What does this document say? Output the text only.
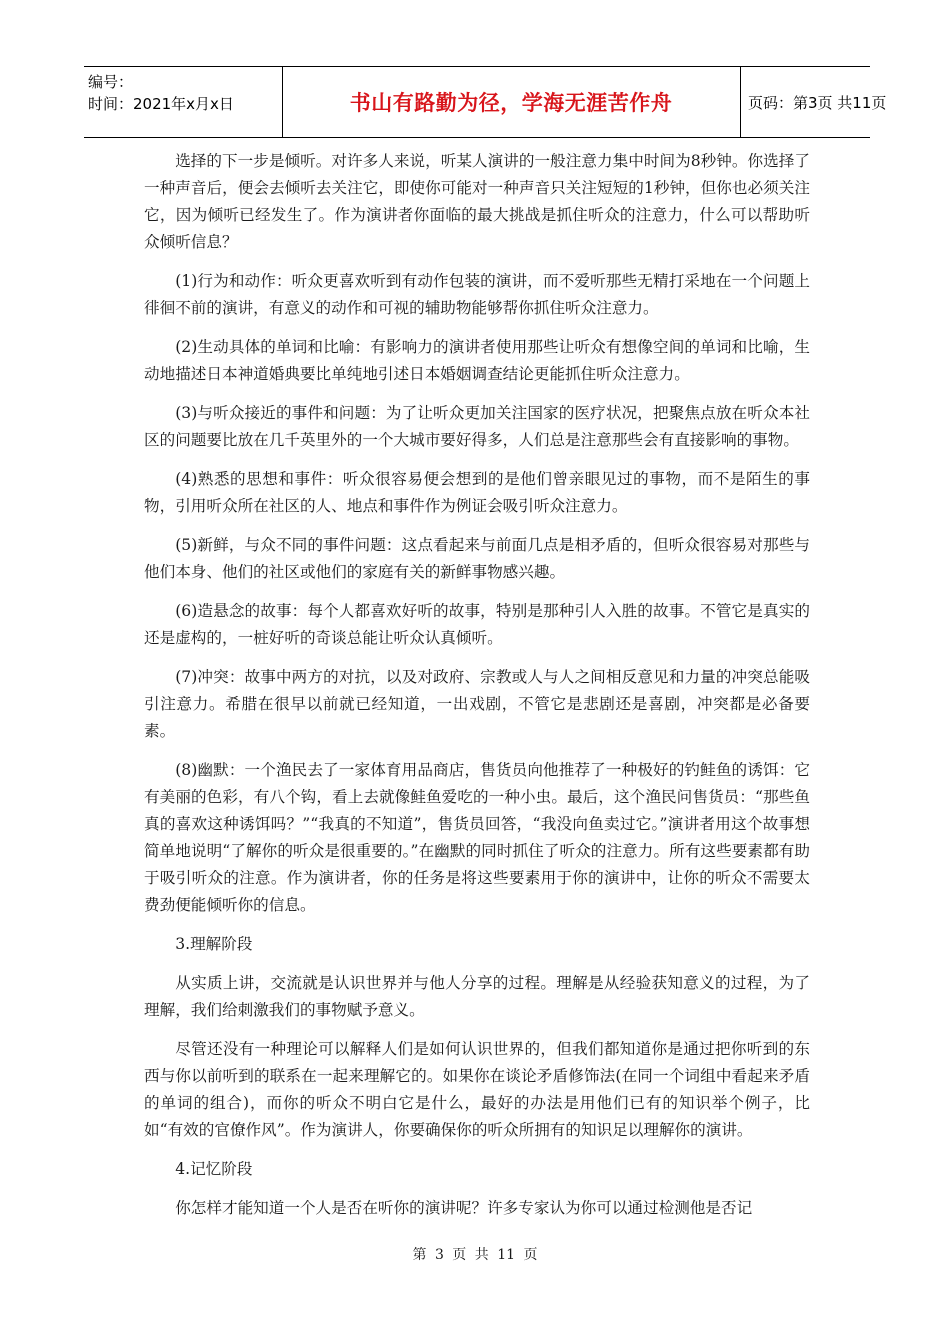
编号：
时间：2021年x月x日	书山有路勤为径，学海无涯苦作舟	页码：第3页 共11页

选择的下一步是倾听。对许多人来说，听某人演讲的一般注意力集中时间为8秒钟。你选择了一种声音后，便会去倾听去关注它，即使你可能对一种声音只关注短短的1秒钟，但你也必须关注它，因为倾听已经发生了。作为演讲者你面临的最大挑战是抓住听众的注意力，什么可以帮助听众倾听信息？

(1)行为和动作：听众更喜欢听到有动作包装的演讲，而不爱听那些无精打采地在一个问题上徘徊不前的演讲，有意义的动作和可视的辅助物能够帮你抓住听众注意力。

(2)生动具体的单词和比喻：有影响力的演讲者使用那些让听众有想像空间的单词和比喻，生动地描述日本神道婚典要比单纯地引述日本婚姻调查结论更能抓住听众注意力。

(3)与听众接近的事件和问题：为了让听众更加关注国家的医疗状况，把聚焦点放在听众本社区的问题要比放在几千英里外的一个大城市要好得多，人们总是注意那些会有直接影响的事物。

(4)熟悉的思想和事件：听众很容易便会想到的是他们曾亲眼见过的事物，而不是陌生的事物，引用听众所在社区的人、地点和事件作为例证会吸引听众注意力。

(5)新鲜，与众不同的事件问题：这点看起来与前面几点是相矛盾的，但听众很容易对那些与他们本身、他们的社区或他们的家庭有关的新鲜事物感兴趣。

(6)造悬念的故事：每个人都喜欢好听的故事，特别是那种引人入胜的故事。不管它是真实的还是虚构的，一桩好听的奇谈总能让听众认真倾听。

(7)冲突：故事中两方的对抗，以及对政府、宗教或人与人之间相反意见和力量的冲突总能吸引注意力。希腊在很早以前就已经知道，一出戏剧，不管它是悲剧还是喜剧，冲突都是必备要素。

(8)幽默：一个渔民去了一家体育用品商店，售货员向他推荐了一种极好的钓鲑鱼的诱饵：它有美丽的色彩，有八个钩，看上去就像鲑鱼爱吃的一种小虫。最后，这个渔民问售货员：“那些鱼真的喜欢这种诱饵吗？”“我真的不知道”，售货员回答，“我没向鱼卖过它。”演讲者用这个故事想简单地说明“了解你的听众是很重要的。”在幽默的同时抓住了听众的注意力。所有这些要素都有助于吸引听众的注意。作为演讲者，你的任务是将这些要素用于你的演讲中，让你的听众不需要太费劲便能倾听你的信息。

3.理解阶段

从实质上讲，交流就是认识世界并与他人分享的过程。理解是从经验获知意义的过程，为了理解，我们给刺激我们的事物赋予意义。

尽管还没有一种理论可以解释人们是如何认识世界的，但我们都知道你是通过把你听到的东西与你以前听到的联系在一起来理解它的。如果你在谈论矛盾修饰法(在同一个词组中看起来矛盾的单词的组合)，而你的听众不明白它是什么，最好的办法是用他们已有的知识举个例子，比如“有效的官僚作风”。作为演讲人，你要确保你的听众所拥有的知识足以理解你的演讲。

4.记忆阶段

你怎样才能知道一个人是否在听你的演讲呢？许多专家认为你可以通过检测他是否记

第 3 页 共 11 页
